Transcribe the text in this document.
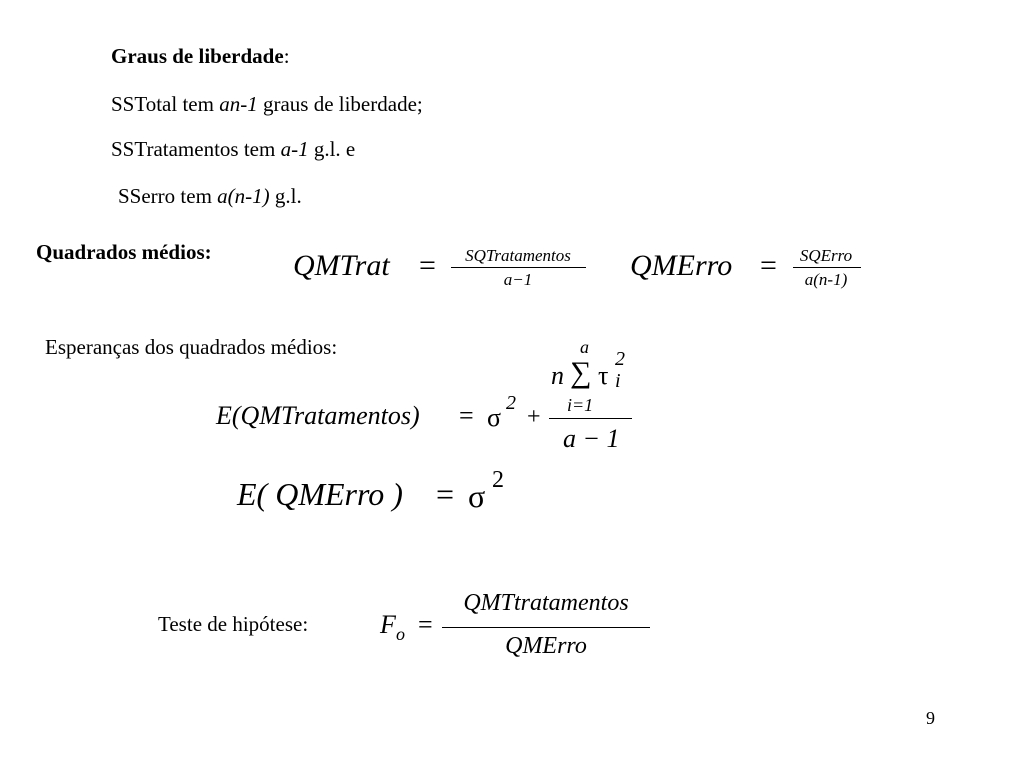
Graus de liberdade:
SSTotal tem an-1 graus de liberdade;
SSTratamentos tem a-1 g.l. e
SSerro tem a(n-1) g.l.
Quadrados médios:	QMTrat =	SQTratamentos
a−1	QMErro =	SQErro
a(n-1)
Esperanças dos quadrados médios:
E(QMTratamentos) = σ 2
+
a
n ∑ τ
2
i
i=1
a − 1
E( QMErro ) = σ 2
Teste de hipótese:	F o =
QMTtratamentos
QMErro
9
